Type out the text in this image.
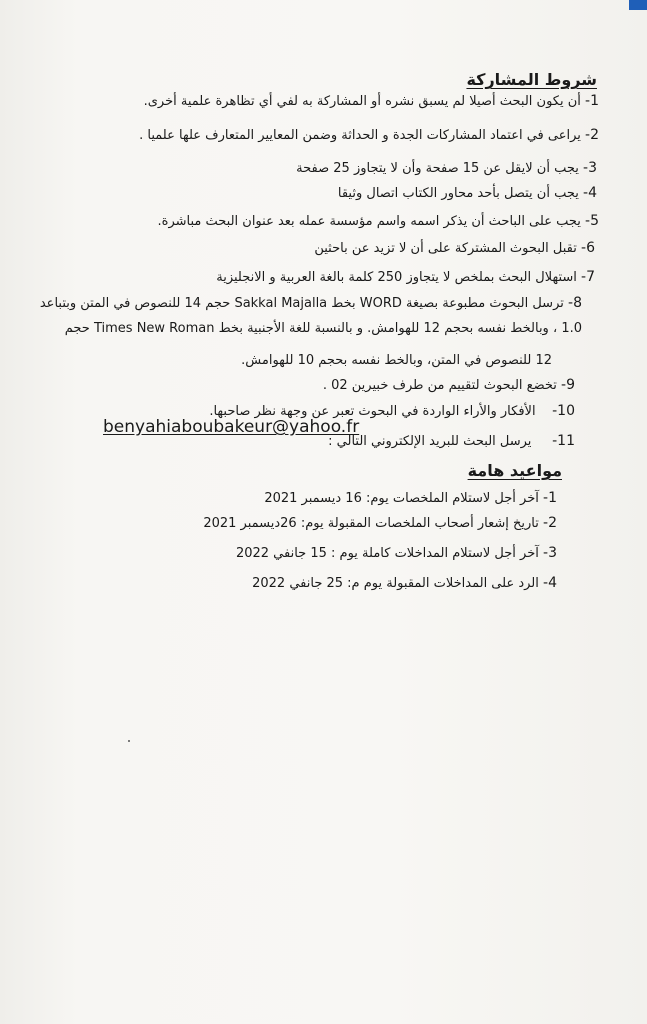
شروط المشاركة
1- أن يكون البحث أصيلا لم يسبق نشره أو المشاركة به لفي أي تظاهرة علمية أخرى.
2- يراعى في اعتماد المشاركات الجدة و الحداثة وضمن المعايير المتعارف علها علميا .
3- يجب أن لايقل عن 15 صفحة وأن لا يتجاوز 25 صفحة
4- يجب أن يتصل بأحد محاور الكتاب اتصال وثيقا
5- يجب على الباحث أن يذكر اسمه واسم مؤسسة عمله بعد عنوان البحث مباشرة.
6- تقبل البحوث المشتركة على أن لا تزيد عن باحثين
7- استهلال البحث بملخص لا يتجاوز 250 كلمة بالغة العربية و الانجليزية
8- ترسل البحوث مطبوعة بصيغة WORD بخط Sakkal Majalla حجم 14 للنصوص في المتن وبتباعد
1.0 ، وبالخط نفسه بحجم 12 للهوامش. و بالنسبة للغة الأجنبية بخط Times New Roman حجم
12 للنصوص في المتن، وبالخط نفسه بحجم 10 للهوامش.
9- تخضع البحوث لتقييم من طرف خبيرين 02 .
10-    الأفكار والأراء الواردة في البحوث تعبر عن وجهة نظر صاحبها.
11-     يرسل البحث للبريد الإلكتروني التالي :
benyahiaboubakeur@yahoo.fr
مواعيد هامة
1- آخر أجل لاستلام الملخصات يوم: 16 ديسمبر 2021
2- تاريخ إشعار أصحاب الملخصات المقبولة يوم: 26ديسمبر 2021
3- آخر أجل لاستلام المداخلات كاملة يوم : 15 جانفي 2022
4- الرد على المداخلات المقبولة يوم م: 25 جانفي 2022
